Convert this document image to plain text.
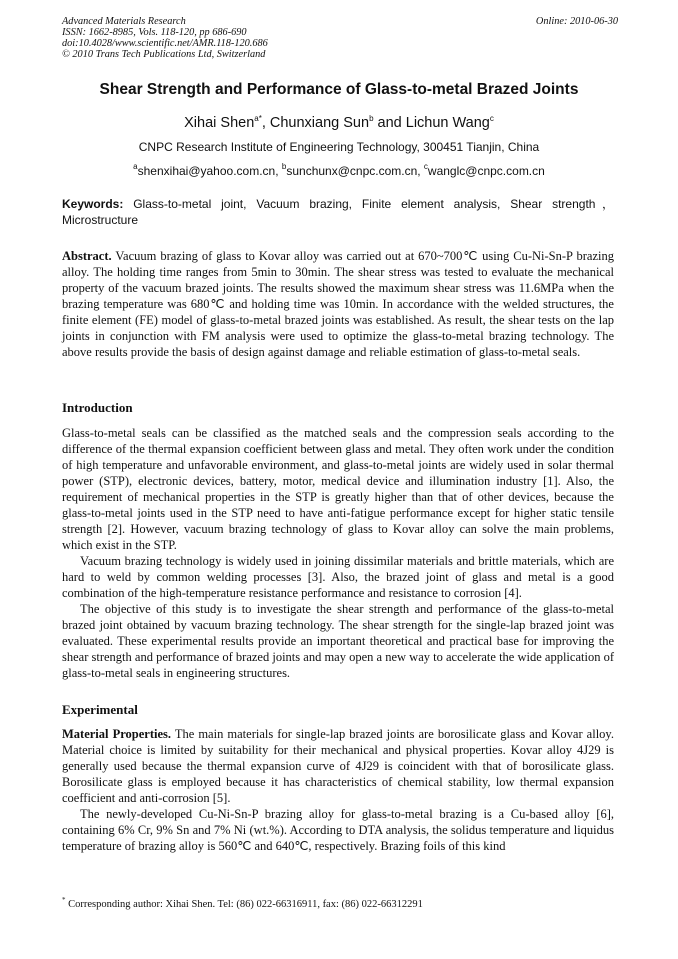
Advanced Materials Research
ISSN: 1662-8985, Vols. 118-120, pp 686-690
doi:10.4028/www.scientific.net/AMR.118-120.686
© 2010 Trans Tech Publications Ltd, Switzerland
Online: 2010-06-30
Shear Strength and Performance of Glass-to-metal Brazed Joints
Xihai Shen$^{a*}$, Chunxiang Sun$^b$ and Lichun Wang$^c$
CNPC Research Institute of Engineering Technology, 300451 Tianjin, China
$^a$shenxihai@yahoo.com.cn, $^b$sunchunx@cnpc.com.cn, $^c$wanglc@cnpc.com.cn
Keywords: Glass-to-metal joint, Vacuum brazing, Finite element analysis, Shear strength，Microstructure

Abstract. Vacuum brazing of glass to Kovar alloy was carried out at 670~700℃ using Cu-Ni-Sn-P brazing alloy. The holding time ranges from 5min to 30min. The shear stress was tested to evaluate the mechanical property of the vacuum brazed joints. The results showed the maximum shear stress was 11.6MPa when the brazing temperature was 680℃ and holding time was 10min. In accordance with the welded structures, the finite element (FE) model of glass-to-metal brazed joints was established. As result, the shear tests on the lap joints in conjunction with FM analysis were used to optimize the glass-to-metal brazing technology. The above results provide the basis of design against damage and reliable estimation of glass-to-metal seals.

Introduction

Glass-to-metal seals can be classified as the matched seals and the compression seals according to the difference of the thermal expansion coefficient between glass and metal. They often work under the condition of high temperature and unfavorable environment, and glass-to-metal joints are widely used in solar thermal power (STP), electronic devices, battery, motor, medical device and illumination industry [1]. Also, the requirement of mechanical properties in the STP is greatly higher than that of other devices, because the glass-to-metal joints used in the STP need to have anti-fatigue performance except for higher static tensile strength [2]. However, vacuum brazing technology of glass to Kovar alloy can solve the main problems, which exist in the STP.

Vacuum brazing technology is widely used in joining dissimilar materials and brittle materials, which are hard to weld by common welding processes [3]. Also, the brazed joint of glass and metal is a good combination of the high-temperature resistance performance and resistance to corrosion [4].

The objective of this study is to investigate the shear strength and performance of the glass-to-metal brazed joint obtained by vacuum brazing technology. The shear strength for the single-lap brazed joint was evaluated. These experimental results provide an important theoretical and practical base for improving the shear strength and performance of brazed joints and may open a new way to accelerate the wide application of glass-to-metal seals in engineering structures.

Experimental

Material Properties. The main materials for single-lap brazed joints are borosilicate glass and Kovar alloy. Material choice is limited by suitability for their mechanical and physical properties. Kovar alloy 4J29 is generally used because the thermal expansion curve of 4J29 is coincident with that of borosilicate glass. Borosilicate glass is employed because it has characteristics of chemical stability, low thermal expansion coefficient and anti-corrosion [5].

The newly-developed Cu-Ni-Sn-P brazing alloy for glass-to-metal brazing is a Cu-based alloy [6], containing 6% Cr, 9% Sn and 7% Ni (wt.%). According to DTA analysis, the solidus temperature and liquidus temperature of brazing alloy is 560℃ and 640℃, respectively. Brazing foils of this kind

* Corresponding author: Xihai Shen. Tel: (86) 022-66316911, fax: (86) 022-66312291
